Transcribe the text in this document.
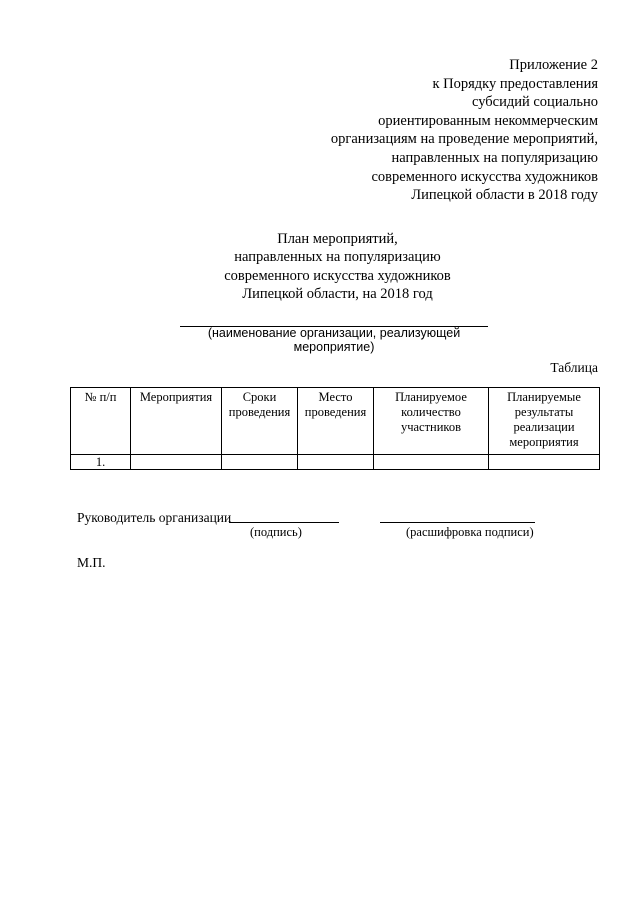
Приложение 2
к Порядку предоставления
субсидий социально
ориентированным некоммерческим
организациям на проведение мероприятий,
направленных на популяризацию
современного искусства художников
Липецкой области в 2018 году
План мероприятий,
направленных на популяризацию
современного искусства художников
Липецкой области, на 2018 год
(наименование организации, реализующей мероприятие)
Таблица
№ п/п	Мероприятия	Сроки проведения	Место проведения	Планируемое количество участников	Планируемые результаты реализации мероприятия
1.					
Руководитель организации
(подпись)	(расшифровка подписи)
М.П.
